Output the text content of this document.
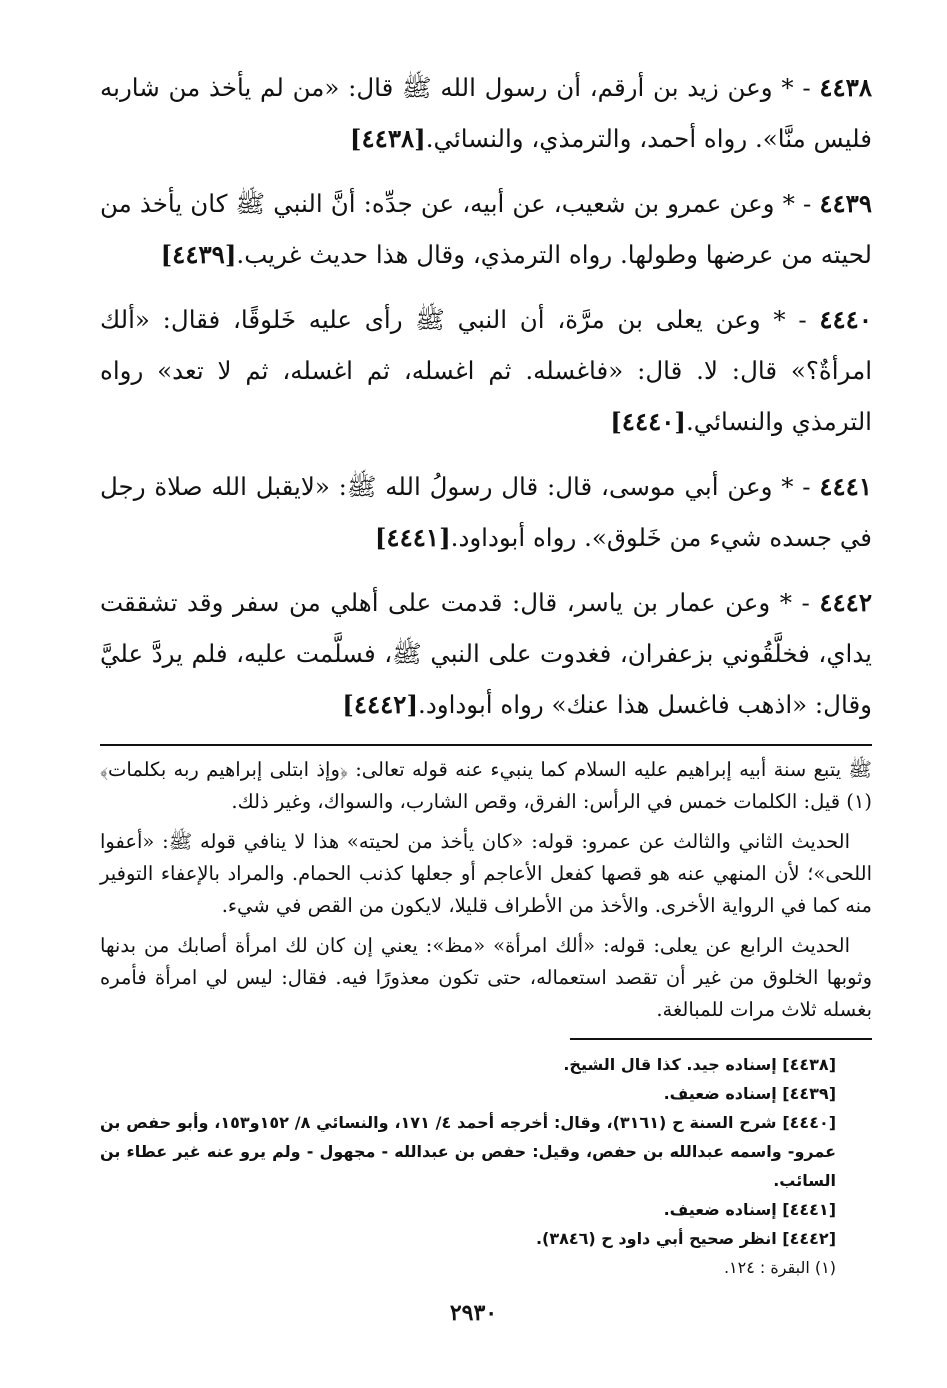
٤٤٣٨ - * وعن زيد بن أرقم، أن رسول الله ﷺ قال: «من لم يأخذ من شاربه فليس منَّا». رواه أحمد، والترمذي، والنسائي.[٤٤٣٨]

٤٤٣٩ - * وعن عمرو بن شعيب، عن أبيه، عن جدِّه: أنَّ النبي ﷺ كان يأخذ من لحيته من عرضها وطولها. رواه الترمذي، وقال هذا حديث غريب.[٤٤٣٩]

٤٤٤٠ - * وعن يعلى بن مرَّة، أن النبي ﷺ رأى عليه خَلوقًا، فقال: «ألك امرأةٌ؟» قال: لا. قال: «فاغسله. ثم اغسله، ثم اغسله، ثم لا تعد» رواه الترمذي والنسائي.[٤٤٤٠]

٤٤٤١ - * وعن أبي موسى، قال: قال رسولُ الله ﷺ: «لايقبل الله صلاة رجل في جسده شيء من خَلوق». رواه أبوداود.[٤٤٤١]

٤٤٤٢ - * وعن عمار بن ياسر، قال: قدمت على أهلي من سفر وقد تشققت يداي، فخلَّقُوني بزعفران، فغدوت على النبي ﷺ، فسلَّمت عليه، فلم يردَّ عليَّ وقال: «اذهب فاغسل هذا عنك» رواه أبوداود.[٤٤٤٢]

ﷺ يتبع سنة أبيه إبراهيم عليه السلام كما ينبيء عنه قوله تعالى: ﴿وإذ ابتلى إبراهيم ربه بكلمات﴾(١) قيل: الكلمات خمس في الرأس: الفرق، وقص الشارب، والسواك، وغير ذلك.

الحديث الثاني والثالث عن عمرو: قوله: «كان يأخذ من لحيته» هذا لا ينافي قوله ﷺ: «أعفوا اللحى»؛ لأن المنهي عنه هو قصها كفعل الأعاجم أو جعلها كذنب الحمام. والمراد بالإعفاء التوفير منه كما في الرواية الأخرى. والأخذ من الأطراف قليلا، لايكون من القص في شيء.

الحديث الرابع عن يعلى: قوله: «ألك امرأة» «مظ»: يعني إن كان لك امرأة أصابك من بدنها وثوبها الخلوق من غير أن تقصد استعماله، حتى تكون معذورًا فيه. فقال: ليس لي امرأة فأمره بغسله ثلاث مرات للمبالغة.

[٤٤٣٨] إسناده جيد. كذا قال الشيخ.

[٤٤٣٩] إسناده ضعيف.

[٤٤٤٠] شرح السنة ح (٣١٦١)، وقال: أخرجه أحمد ٤/ ١٧١، والنسائي ٨/ ١٥٢و١٥٣، وأبو حفص بن عمرو- واسمه عبدالله بن حفص، وقيل: حفص بن عبدالله - مجهول - ولم يرو عنه غير عطاء بن السائب.

[٤٤٤١] إسناده ضعيف.

[٤٤٤٢] انظر صحيح أبي داود ح (٣٨٤٦).

(١) البقرة : ١٢٤.

٢٩٣٠
